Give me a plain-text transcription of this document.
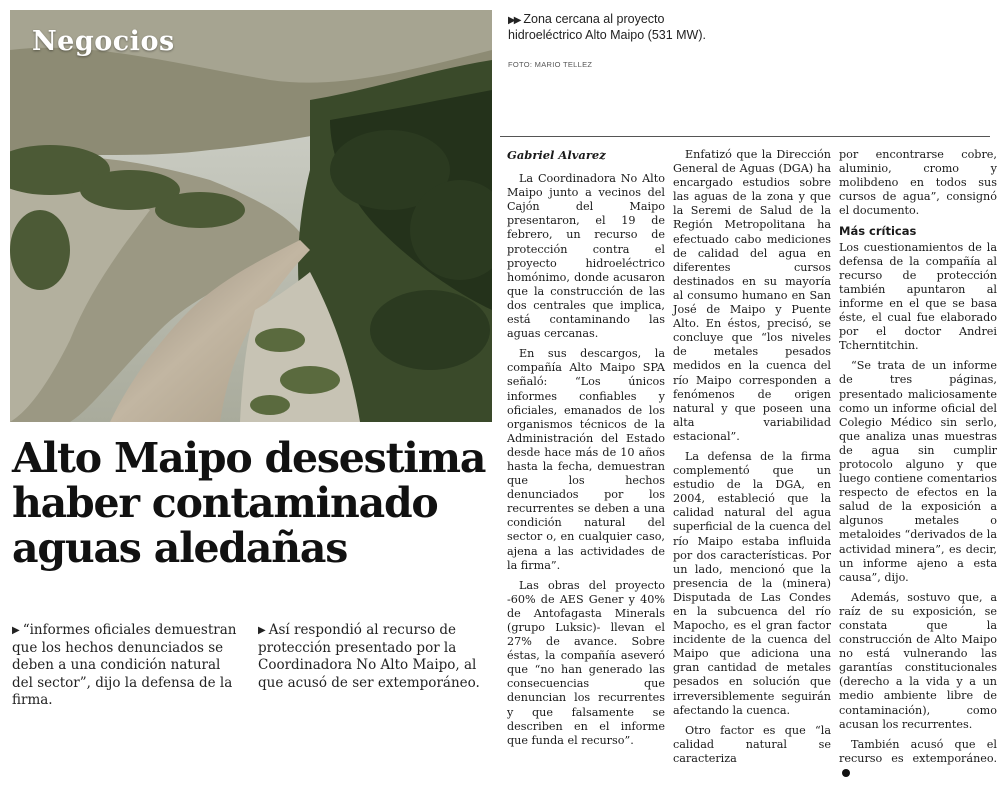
Negocios
▶▶ Zona cercana al proyecto hidroeléctrico Alto Maipo (531 MW).
FOTO: MARIO TELLEZ
Alto Maipo desestima haber contaminado aguas aledañas
▶ “informes oficiales demuestran que los hechos denunciados se deben a una condición natural del sector”, dijo la defensa de la firma.
▶ Así respondió al recurso de protección presentado por la Coordinadora No Alto Maipo, al que acusó de ser extemporáneo.
Gabriel Alvarez

La Coordinadora No Alto Maipo junto a vecinos del Cajón del Maipo presentaron, el 19 de febrero, un recurso de protección contra el proyecto hidroeléctrico homónimo, donde acusaron que la construcción de las dos centrales que implica, está contaminando las aguas cercanas.

En sus descargos, la compañía Alto Maipo SPA señaló: “Los únicos informes confiables y oficiales, emanados de los organismos técnicos de la Administración del Estado desde hace más de 10 años hasta la fecha, demuestran que los hechos denunciados por los recurrentes se deben a una condición natural del sector o, en cualquier caso, ajena a las actividades de la firma”.

Las obras del proyecto -60% de AES Gener y 40% de Antofagasta Minerals (grupo Luksic)- llevan el 27% de avance. Sobre éstas, la compañía aseveró que “no han generado las consecuencias que denuncian los recurrentes y que falsamente se describen en el informe que funda el recurso”.

Enfatizó que la Dirección General de Aguas (DGA) ha encargado estudios sobre las aguas de la zona y que la Seremi de Salud de la Región Metropolitana ha efectuado cabo mediciones de calidad del agua en diferentes cursos destinados en su mayoría al consumo humano en San José de Maipo y Puente Alto. En éstos, precisó, se concluye que “los niveles de metales pesados medidos en la cuenca del río Maipo corresponden a fenómenos de origen natural y que poseen una alta variabilidad estacional”.

La defensa de la firma complementó que un estudio de la DGA, en 2004, estableció que la calidad natural del agua superficial de la cuenca del río Maipo estaba influida por dos características. Por un lado, mencionó que la presencia de la (minera) Disputada de Las Condes en la subcuenca del río Mapocho, es el gran factor incidente de la cuenca del Maipo que adiciona una gran cantidad de metales pesados en solución que irreversiblemente seguirán afectando la cuenca.

Otro factor es que “la calidad natural se caracteriza

por encontrarse cobre, aluminio, cromo y molibdeno en todos sus cursos de agua”, consignó el documento.

Más críticas

Los cuestionamientos de la defensa de la compañía al recurso de protección también apuntaron al informe en el que se basa éste, el cual fue elaborado por el doctor Andrei Tcherntitchin.

“Se trata de un informe de tres páginas, presentado maliciosamente como un informe oficial del Colegio Médico sin serlo, que analiza unas muestras de agua sin cumplir protocolo alguno y que luego contiene comentarios respecto de efectos en la salud de la exposición a algunos metales o metaloides “derivados de la actividad minera”, es decir, un informe ajeno a esta causa”, dijo.

Además, sostuvo que, a raíz de su exposición, se constata que la construcción de Alto Maipo no está vulnerando las garantías constitucionales (derecho a la vida y a un medio ambiente libre de contaminación), como acusan los recurrentes.

También acusó que el recurso es extemporáneo.
